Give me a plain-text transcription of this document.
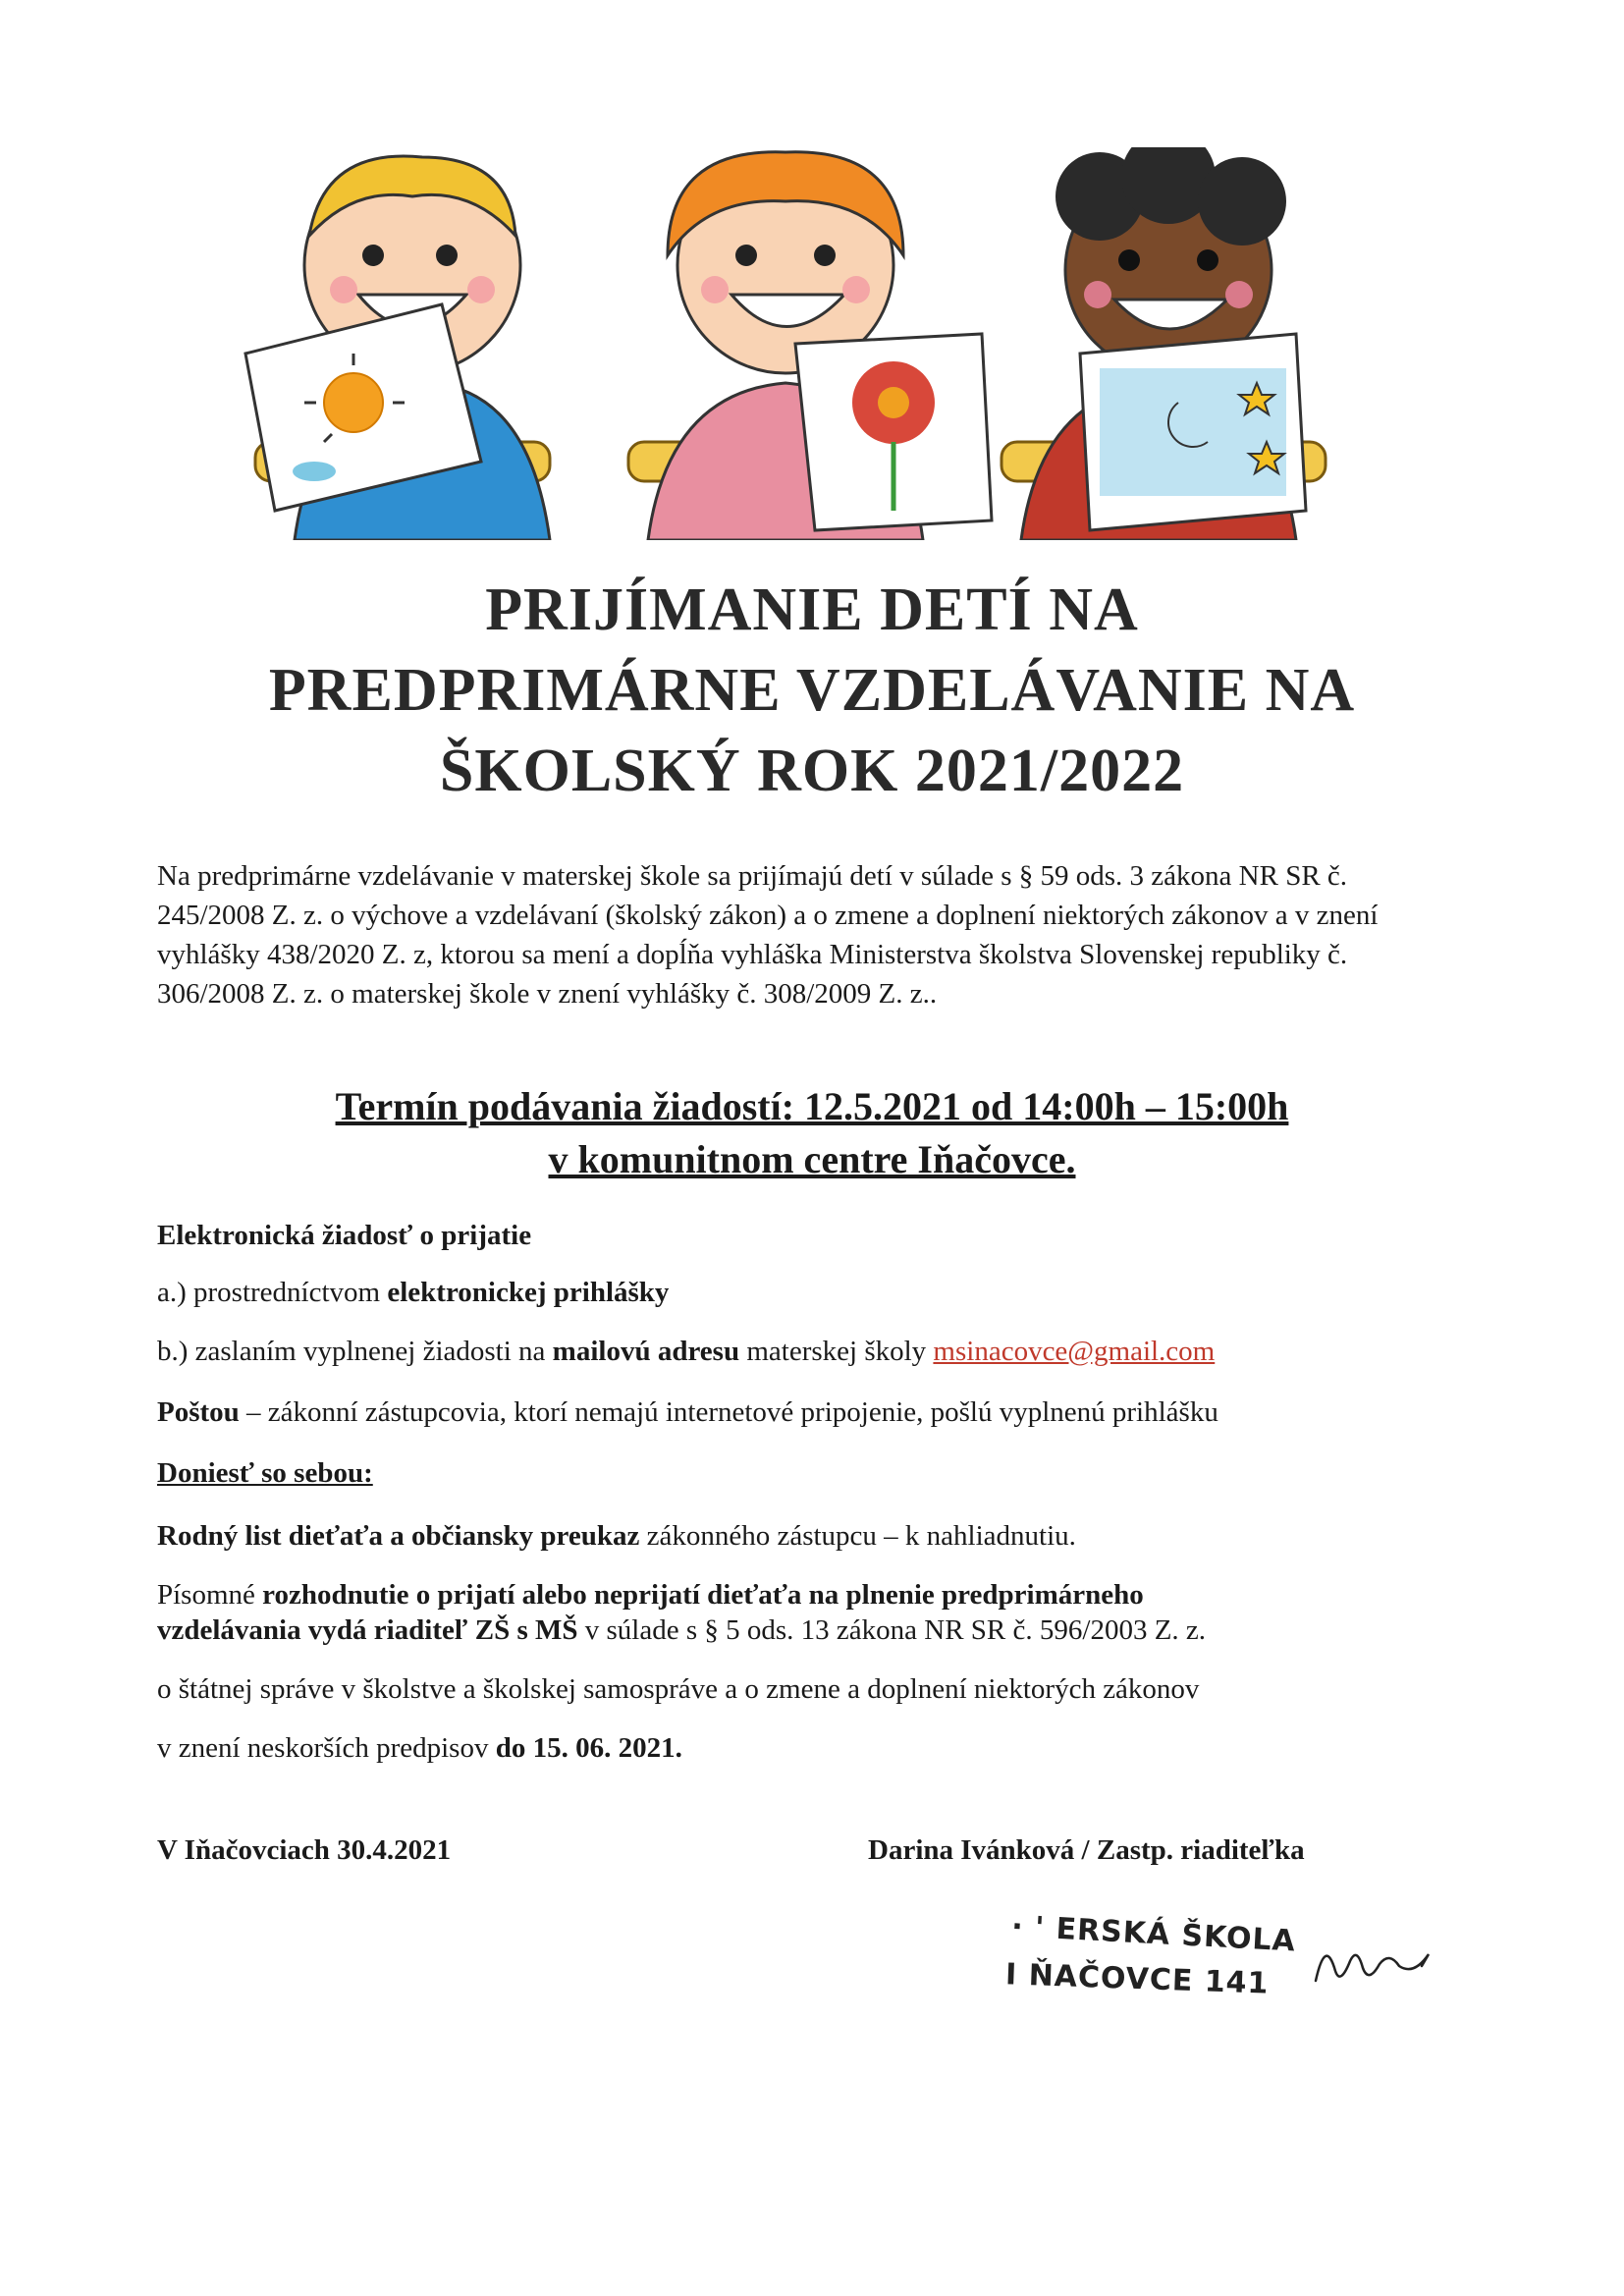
PRIJÍMANIE DETÍ NA
PREDPRIMÁRNE VZDELÁVANIE NA
ŠKOLSKÝ ROK 2021/2022

Na predprimárne vzdelávanie v materskej škole sa prijímajú detí v súlade s § 59 ods. 3 zákona NR SR č. 245/2008 Z. z. o výchove a vzdelávaní (školský zákon) a o zmene a doplnení niektorých zákonov a v znení vyhlášky 438/2020 Z. z, ktorou sa mení a dopĺňa vyhláška Ministerstva školstva Slovenskej republiky č. 306/2008 Z. z. o materskej škole v znení vyhlášky č. 308/2009 Z. z..

Termín podávania žiadostí: 12.5.2021 od 14:00h – 15:00h
v komunitnom centre Iňačovce.
Elektronická žiadosť o prijatie
a.) prostredníctvom elektronickej prihlášky
b.) zaslaním vyplnenej žiadosti na mailovú adresu materskej školy msinacovce@gmail.com
Poštou – zákonní zástupcovia, ktorí nemajú internetové pripojenie, pošlú vyplnenú prihlášku
Doniesť so sebou:
Rodný list dieťaťa a občiansky preukaz zákonného zástupcu – k nahliadnutiu.
Písomné rozhodnutie o prijatí alebo neprijatí dieťaťa na plnenie predprimárneho
vzdelávania vydá riaditeľ ZŠ s MŠ v súlade s § 5 ods. 13 zákona NR SR č. 596/2003 Z. z.
o štátnej správe v školstve a školskej samospráve a o zmene a doplnení niektorých zákonov
v znení neskorších predpisov do 15. 06. 2021.
V Iňačovciach 30.4.2021	Darina Ivánková / Zastp. riaditeľka
· ' ERSKÁ ŠKOLA
I ŇAČOVCE 141
